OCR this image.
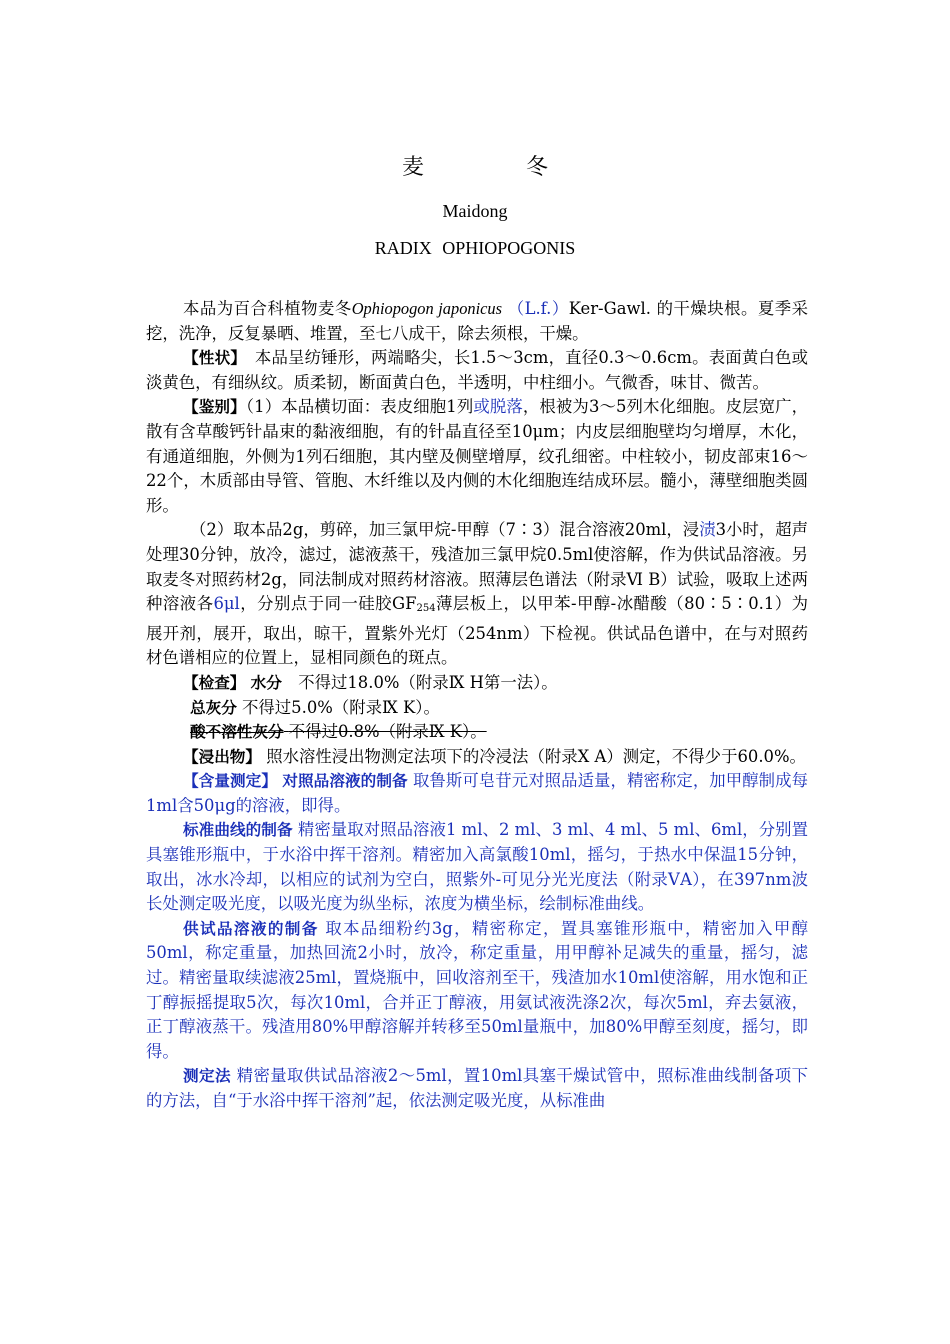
麦　冬
Maidong
RADIX OPHIOPOGONIS

本品为百合科植物麦冬Ophiopogon japonicus （L.f.）Ker-Gawl. 的干燥块根。夏季采挖，洗净，反复暴晒、堆置，至七八成干，除去须根，干燥。

【性状】　本品呈纺锤形，两端略尖，长1.5～3cm，直径0.3～0.6cm。表面黄白色或淡黄色，有细纵纹。质柔韧，断面黄白色，半透明，中柱细小。气微香，味甘、微苦。

【鉴别】（1）本品横切面：表皮细胞1列或脱落，根被为3～5列木化细胞。皮层宽广，散有含草酸钙针晶束的黏液细胞，有的针晶直径至10μm；内皮层细胞壁均匀增厚，木化，有通道细胞，外侧为1列石细胞，其内壁及侧壁增厚，纹孔细密。中柱较小，韧皮部束16～22个，木质部由导管、管胞、木纤维以及内侧的木化细胞连结成环层。髓小，薄壁细胞类圆形。

（2）取本品2g，剪碎，加三氯甲烷-甲醇（7∶3）混合溶液20ml，浸渍3小时，超声处理30分钟，放冷，滤过，滤液蒸干，残渣加三氯甲烷0.5ml使溶解，作为供试品溶液。另取麦冬对照药材2g，同法制成对照药材溶液。照薄层色谱法（附录Ⅵ B）试验，吸取上述两种溶液各6μl，分别点于同一硅胶$GF_{254}$薄层板上，以甲苯-甲醇-冰醋酸（80∶5∶0.1）为展开剂，展开，取出，晾干，置紫外光灯（254nm）下检视。供试品色谱中，在与对照药材色谱相应的位置上，显相同颜色的斑点。

【检查】 水分　不得过18.0%（附录Ⅸ H第一法）。

总灰分 不得过5.0%（附录Ⅸ K）。

酸不溶性灰分 不得过0.8%（附录Ⅸ K）。

【浸出物】 照水溶性浸出物测定法项下的冷浸法（附录Ⅹ A）测定，不得少于60.0%。

【含量测定】 对照品溶液的制备 取鲁斯可皂苷元对照品适量，精密称定，加甲醇制成每1ml含50μg的溶液，即得。

标准曲线的制备 精密量取对照品溶液1 ml、2 ml、3 ml、4 ml、5 ml、6ml，分别置具塞锥形瓶中，于水浴中挥干溶剂。精密加入高氯酸10ml，摇匀，于热水中保温15分钟，取出，冰水冷却，以相应的试剂为空白，照紫外-可见分光光度法（附录ⅤA），在397nm波长处测定吸光度，以吸光度为纵坐标，浓度为横坐标，绘制标准曲线。

供试品溶液的制备 取本品细粉约3g，精密称定，置具塞锥形瓶中，精密加入甲醇50ml，称定重量，加热回流2小时，放冷，称定重量，用甲醇补足减失的重量，摇匀，滤过。精密量取续滤液25ml，置烧瓶中，回收溶剂至干，残渣加水10ml使溶解，用水饱和正丁醇振摇提取5次，每次10ml，合并正丁醇液，用氨试液洗涤2次，每次5ml，弃去氨液，正丁醇液蒸干。残渣用80%甲醇溶解并转移至50ml量瓶中，加80%甲醇至刻度，摇匀，即得。

测定法 精密量取供试品溶液2～5ml，置10ml具塞干燥试管中，照标准曲线制备项下的方法，自“于水浴中挥干溶剂”起，依法测定吸光度，从标准曲
